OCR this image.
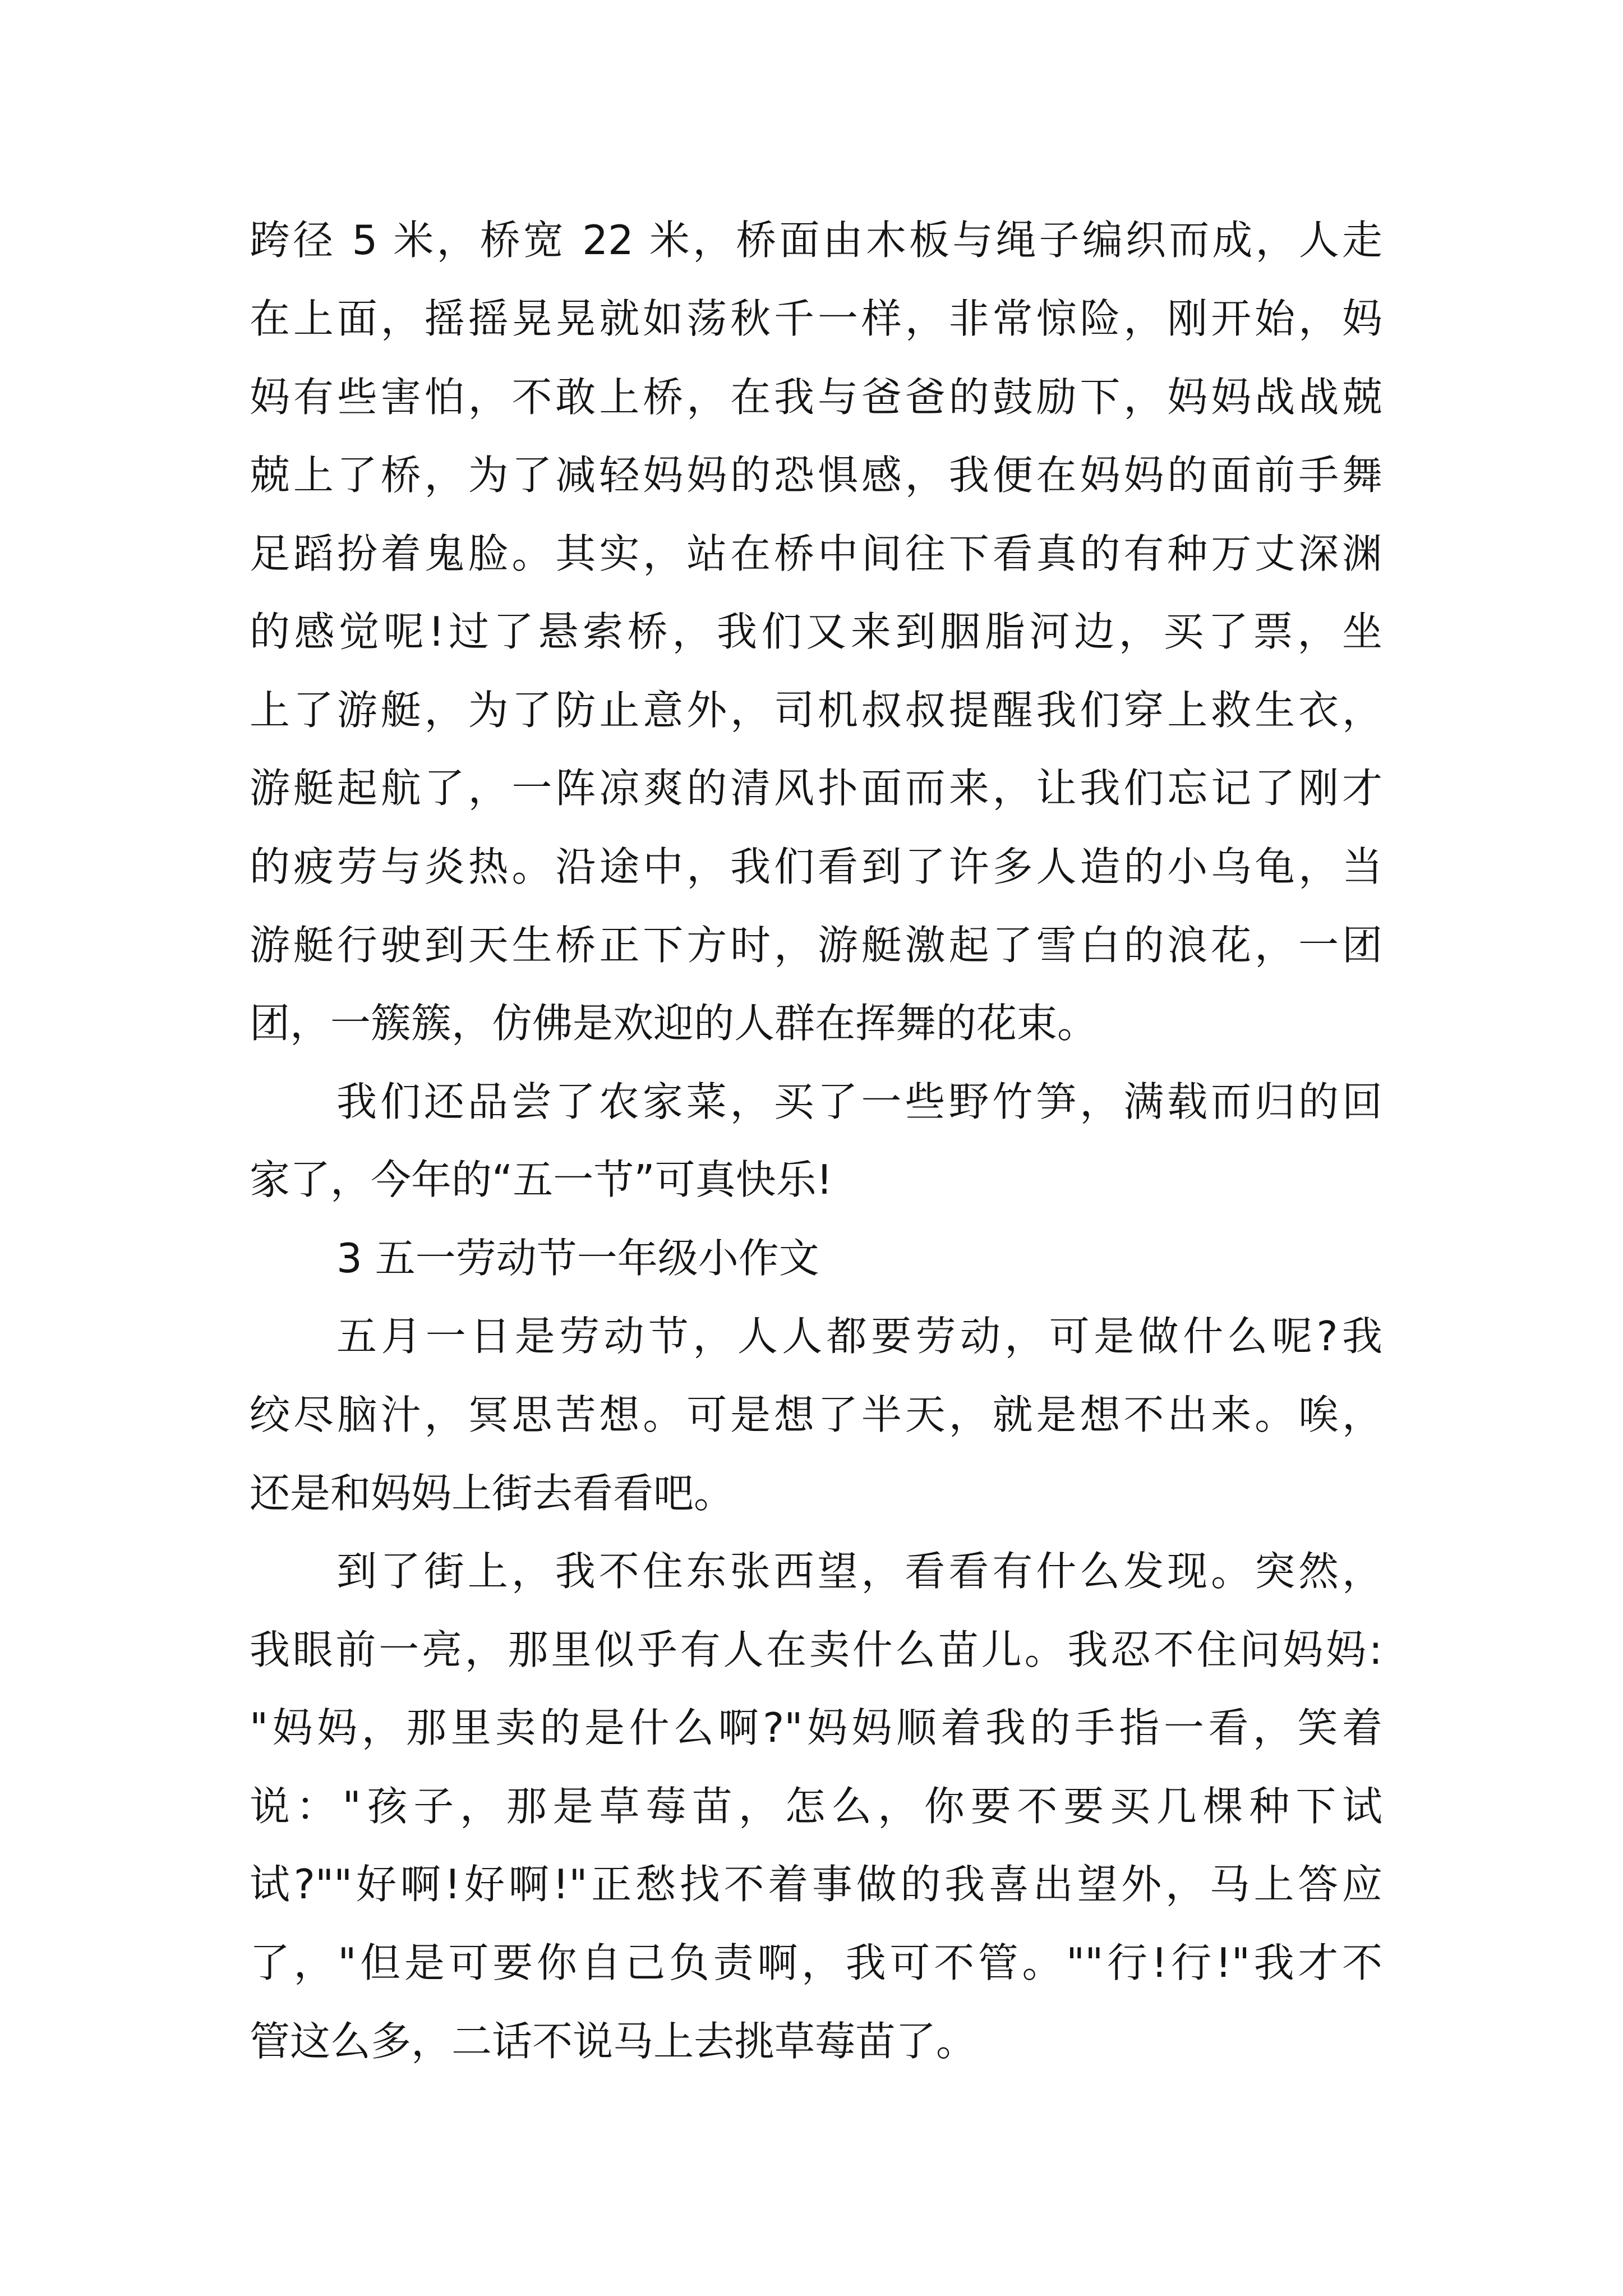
跨径 5 米，桥宽 22 米，桥面由木板与绳子编织而成，人走
在上面，摇摇晃晃就如荡秋千一样，非常惊险，刚开始，妈
妈有些害怕，不敢上桥，在我与爸爸的鼓励下，妈妈战战兢
兢上了桥，为了减轻妈妈的恐惧感，我便在妈妈的面前手舞
足蹈扮着鬼脸。其实，站在桥中间往下看真的有种万丈深渊
的感觉呢!过了悬索桥，我们又来到胭脂河边，买了票，坐
上了游艇，为了防止意外，司机叔叔提醒我们穿上救生衣，
游艇起航了，一阵凉爽的清风扑面而来，让我们忘记了刚才
的疲劳与炎热。沿途中，我们看到了许多人造的小乌龟，当
游艇行驶到天生桥正下方时，游艇激起了雪白的浪花，一团
团，一簇簇，仿佛是欢迎的人群在挥舞的花束。
我们还品尝了农家菜，买了一些野竹笋，满载而归的回
家了，今年的“五一节”可真快乐!
3 五一劳动节一年级小作文
五月一日是劳动节，人人都要劳动，可是做什么呢?我
绞尽脑汁，冥思苦想。可是想了半天，就是想不出来。唉，
还是和妈妈上街去看看吧。
到了街上，我不住东张西望，看看有什么发现。突然，
我眼前一亮，那里似乎有人在卖什么苗儿。我忍不住问妈妈:
"妈妈，那里卖的是什么啊?"妈妈顺着我的手指一看，笑着
说："孩子，那是草莓苗，怎么，你要不要买几棵种下试
试?""好啊!好啊!"正愁找不着事做的我喜出望外，马上答应
了，"但是可要你自己负责啊，我可不管。""行!行!"我才不
管这么多，二话不说马上去挑草莓苗了。
